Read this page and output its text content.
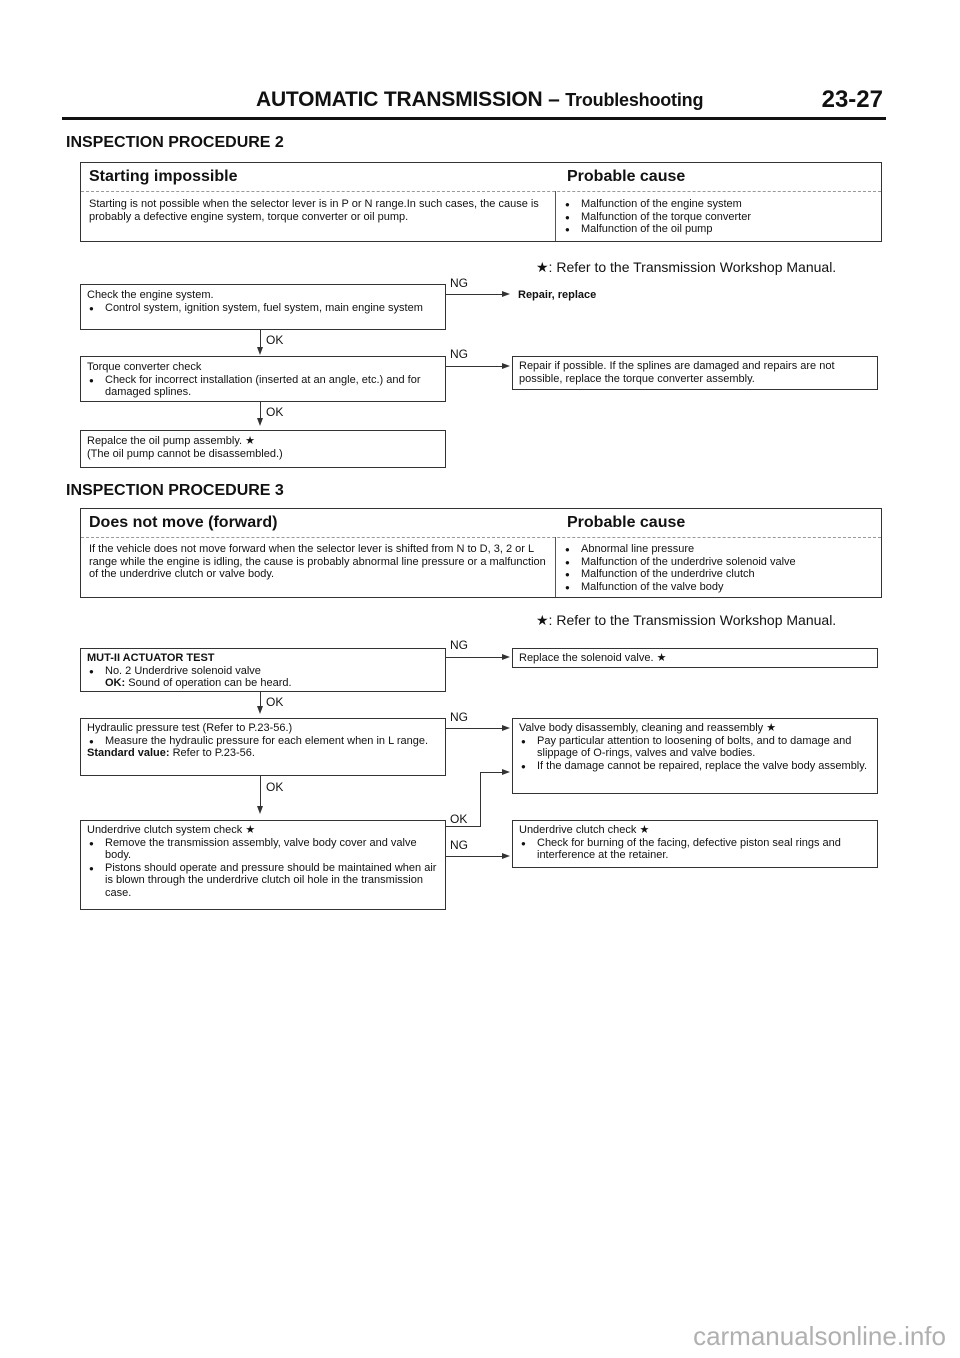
AUTOMATIC TRANSMISSION – Troubleshooting	23-27
INSPECTION PROCEDURE 2
Starting impossible	Probable cause
Starting is not possible when the selector lever is in P or N range.In such cases, the cause is probably a defective engine system, torque converter or oil pump.
● Malfunction of the engine system
● Malfunction of the torque converter
● Malfunction of the oil pump
★: Refer to the Transmission Workshop Manual.
Check the engine system.
● Control system, ignition system, fuel system, main engine system
NG
Repair, replace
OK
Torque converter check
● Check for incorrect installation (inserted at an angle, etc.) and for damaged splines.
NG
Repair if possible. If the splines are damaged and repairs are not possible, replace the torque converter assembly.
OK
Repalce the oil pump assembly. ★
(The oil pump cannot be disassembled.)
INSPECTION PROCEDURE 3
Does not move (forward)	Probable cause
If the vehicle does not move forward when the selector lever is shifted from N to D, 3, 2 or L range while the engine is idling, the cause is probably abnormal line pressure or a malfunction of the underdrive clutch or valve body.
● Abnormal line pressure
● Malfunction of the underdrive solenoid valve
● Malfunction of the underdrive clutch
● Malfunction of the valve body
★: Refer to the Transmission Workshop Manual.
MUT-II ACTUATOR TEST
● No. 2 Underdrive solenoid valve
OK: Sound of operation can be heard.
NG
Replace the solenoid valve. ★
OK
Hydraulic pressure test (Refer to P.23-56.)
● Measure the hydraulic pressure for each element when in L range.
Standard value: Refer to P.23-56.
NG
Valve body disassembly, cleaning and reassembly ★
● Pay particular attention to loosening of bolts, and to damage and slippage of O-rings, valves and valve bodies.
● If the damage cannot be repaired, replace the valve body assembly.
OK
Underdrive clutch system check ★
● Remove the transmission assembly, valve body cover and valve body.
● Pistons should operate and pressure should be maintained when air is blown through the underdrive clutch oil hole in the transmission case.
OK
NG
Underdrive clutch check ★
● Check for burning of the facing, defective piston seal rings and interference at the retainer.
carmanualsonline.info
